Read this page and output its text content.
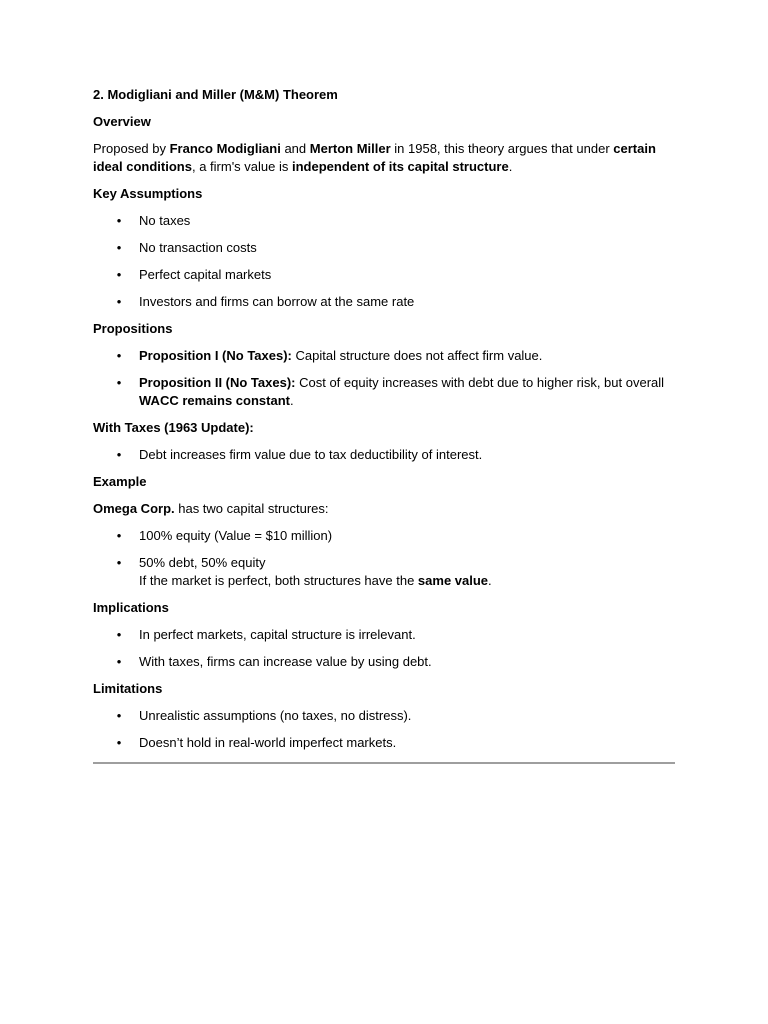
2. Modigliani and Miller (M&M) Theorem
Overview
Proposed by Franco Modigliani and Merton Miller in 1958, this theory argues that under certain ideal conditions, a firm's value is independent of its capital structure.
Key Assumptions
• No taxes
• No transaction costs
• Perfect capital markets
• Investors and firms can borrow at the same rate
Propositions
• Proposition I (No Taxes): Capital structure does not affect firm value.
• Proposition II (No Taxes): Cost of equity increases with debt due to higher risk, but overall WACC remains constant.
With Taxes (1963 Update):
• Debt increases firm value due to tax deductibility of interest.
Example
Omega Corp. has two capital structures:
• 100% equity (Value = $10 million)
• 50% debt, 50% equity
If the market is perfect, both structures have the same value.
Implications
• In perfect markets, capital structure is irrelevant.
• With taxes, firms can increase value by using debt.
Limitations
• Unrealistic assumptions (no taxes, no distress).
• Doesn’t hold in real-world imperfect markets.
